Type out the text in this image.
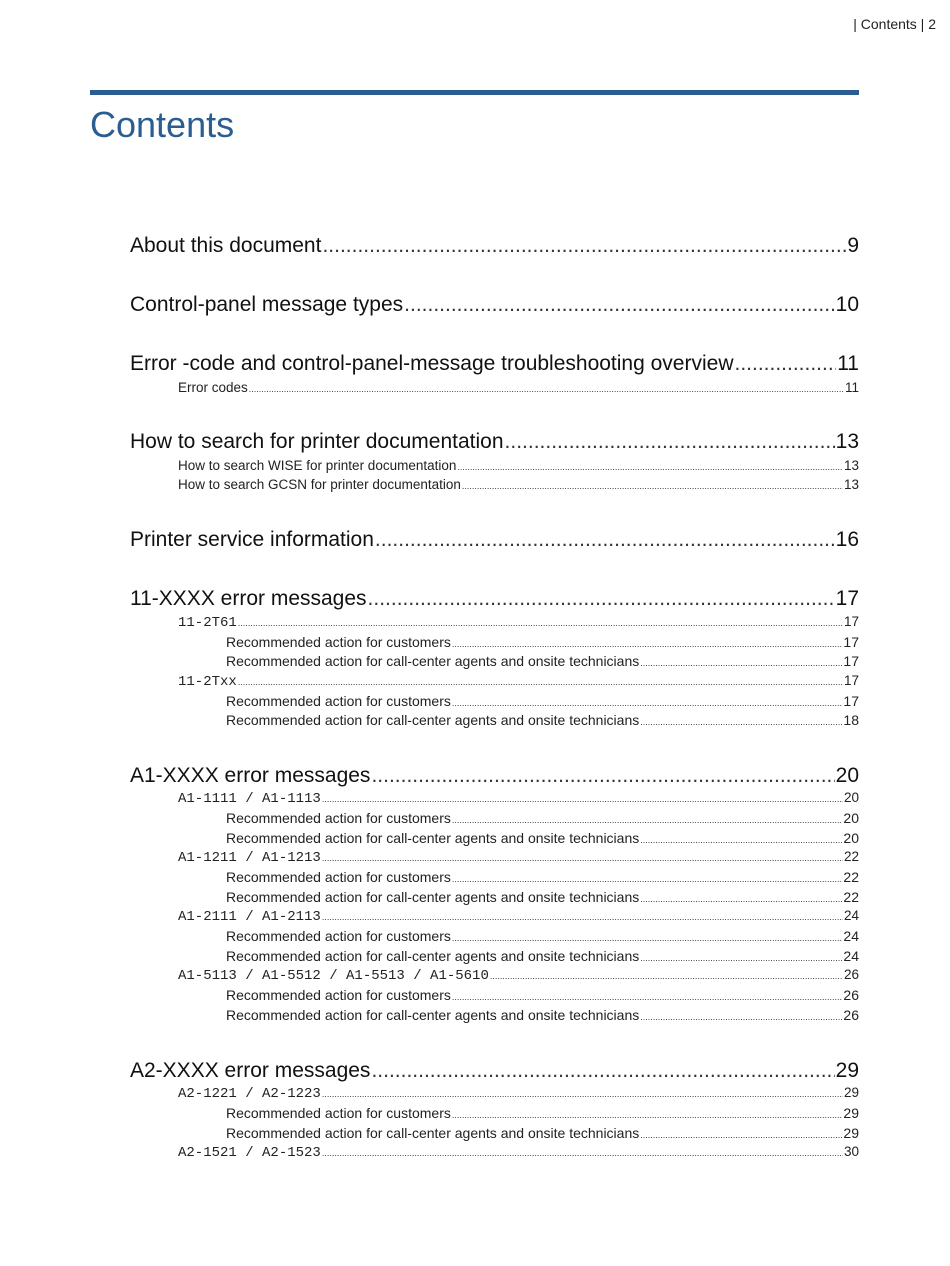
| Contents | 2
Contents
About this document .....	9
Control-panel message types .....	10
Error -code and control-panel-message troubleshooting overview .....	11
Error codes .....	11
How to search for printer documentation .....	13
How to search WISE for printer documentation .....	13
How to search GCSN for printer documentation .....	13
Printer service information .....	16
11-XXXX error messages .....	17
11-2T61 .....	17
Recommended action for customers .....	17
Recommended action for call-center agents and onsite technicians .....	17
11-2Txx .....	17
Recommended action for customers .....	17
Recommended action for call-center agents and onsite technicians .....	18
A1-XXXX error messages .....	20
A1-1111 / A1-1113 .....	20
Recommended action for customers .....	20
Recommended action for call-center agents and onsite technicians .....	20
A1-1211 / A1-1213 .....	22
Recommended action for customers .....	22
Recommended action for call-center agents and onsite technicians .....	22
A1-2111 / A1-2113 .....	24
Recommended action for customers .....	24
Recommended action for call-center agents and onsite technicians .....	24
A1-5113 / A1-5512 / A1-5513 / A1-5610 .....	26
Recommended action for customers .....	26
Recommended action for call-center agents and onsite technicians .....	26
A2-XXXX error messages .....	29
A2-1221 / A2-1223 .....	29
Recommended action for customers .....	29
Recommended action for call-center agents and onsite technicians .....	29
A2-1521 / A2-1523 .....	30
